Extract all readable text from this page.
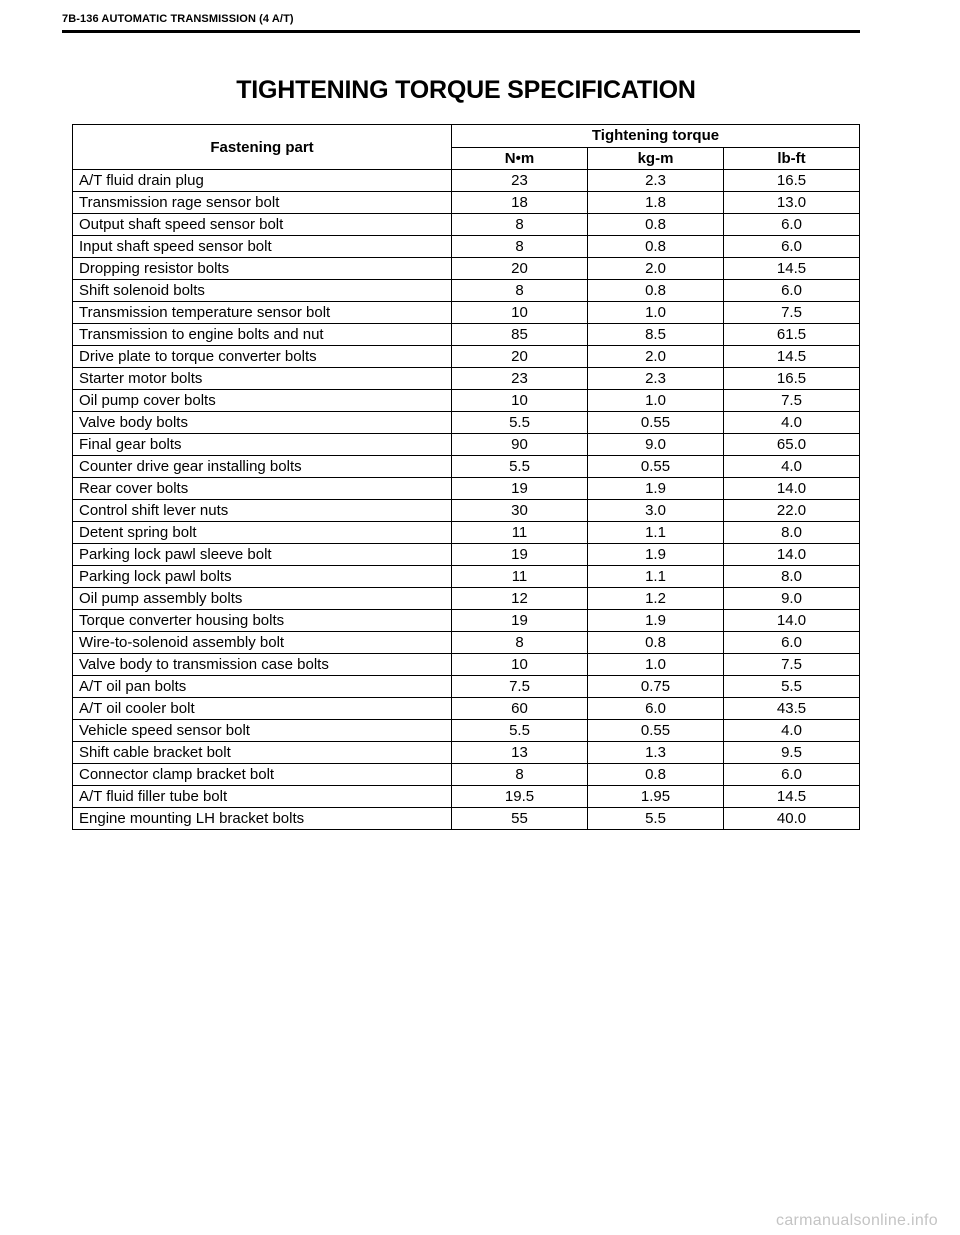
7B-136 AUTOMATIC TRANSMISSION (4 A/T)
TIGHTENING TORQUE SPECIFICATION
Fastening part	Tightening torque		
	N•m	kg-m	lb-ft
A/T fluid drain plug	23	2.3	16.5
Transmission rage sensor bolt	18	1.8	13.0
Output shaft speed sensor bolt	8	0.8	6.0
Input shaft speed sensor bolt	8	0.8	6.0
Dropping resistor bolts	20	2.0	14.5
Shift solenoid bolts	8	0.8	6.0
Transmission temperature sensor bolt	10	1.0	7.5
Transmission to engine bolts and nut	85	8.5	61.5
Drive plate to torque converter bolts	20	2.0	14.5
Starter motor bolts	23	2.3	16.5
Oil pump cover bolts	10	1.0	7.5
Valve body bolts	5.5	0.55	4.0
Final gear bolts	90	9.0	65.0
Counter drive gear installing bolts	5.5	0.55	4.0
Rear cover bolts	19	1.9	14.0
Control shift lever nuts	30	3.0	22.0
Detent spring bolt	11	1.1	8.0
Parking lock pawl sleeve bolt	19	1.9	14.0
Parking lock pawl bolts	11	1.1	8.0
Oil pump assembly bolts	12	1.2	9.0
Torque converter housing bolts	19	1.9	14.0
Wire-to-solenoid assembly bolt	8	0.8	6.0
Valve body to transmission case bolts	10	1.0	7.5
A/T oil pan bolts	7.5	0.75	5.5
A/T oil cooler bolt	60	6.0	43.5
Vehicle speed sensor bolt	5.5	0.55	4.0
Shift cable bracket bolt	13	1.3	9.5
Connector clamp bracket bolt	8	0.8	6.0
A/T fluid filler tube bolt	19.5	1.95	14.5
Engine mounting LH bracket bolts	55	5.5	40.0
carmanualsonline.info
